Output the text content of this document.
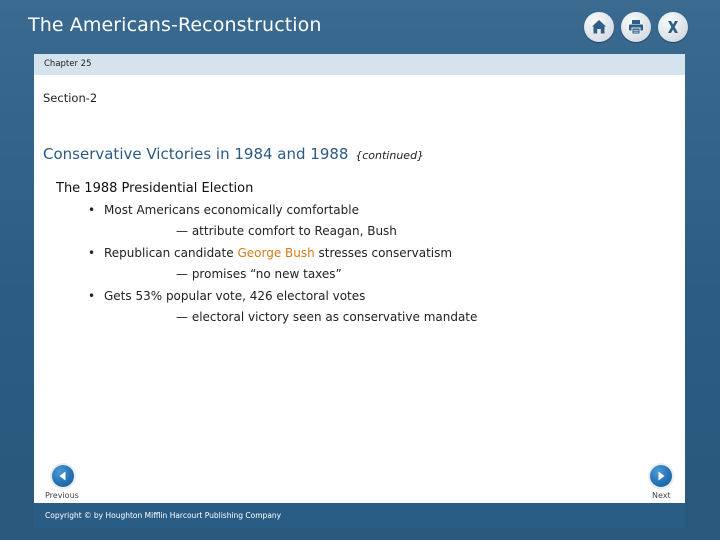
The Americans-Reconstruction
Chapter 25
Section-2
Conservative Victories in 1984 and 1988 {continued}
The 1988 Presidential Election
• Most Americans economically comfortable
— attribute comfort to Reagan, Bush
• Republican candidate George Bush stresses conservatism
— promises “no new taxes”
• Gets 53% popular vote, 426 electoral votes
— electoral victory seen as conservative mandate
Previous	Next
Copyright © by Houghton Mifflin Harcourt Publishing Company
